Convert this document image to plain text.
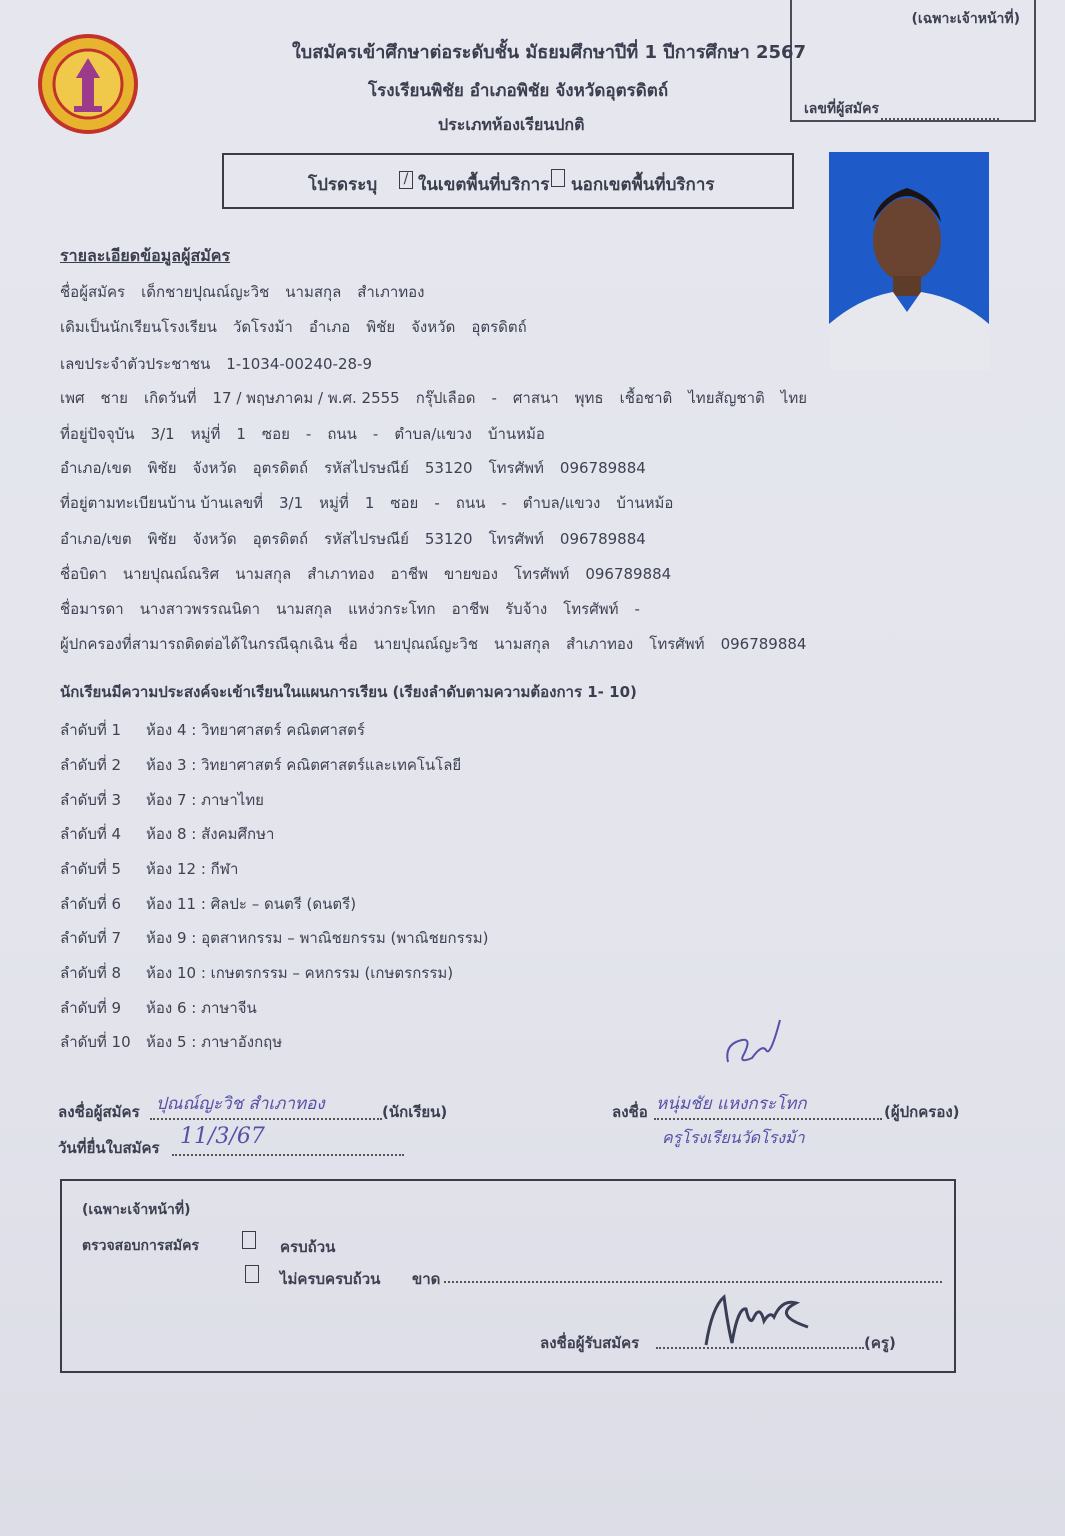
(เฉพาะเจ้าหน้าที่)
เลขที่ผู้สมัคร
ใบสมัครเข้าศึกษาต่อระดับชั้น มัธยมศึกษาปีที่ 1 ปีการศึกษา 2567
โรงเรียนพิชัย อำเภอพิชัย จังหวัดอุตรดิตถ์
ประเภทห้องเรียนปกติ
โปรดระบุ	/ ในเขตพื้นที่บริการ นอกเขตพื้นที่บริการ
รายละเอียดข้อมูลผู้สมัคร
ชื่อผู้สมัคร เด็กชายปุณณ์ญะวิช นามสกุล สำเภาทอง
เดิมเป็นนักเรียนโรงเรียน วัดโรงม้า อำเภอ พิชัย จังหวัด อุตรดิตถ์
เลขประจำตัวประชาชน 1-1034-00240-28-9
เพศ ชาย เกิดวันที่ 17 / พฤษภาคม / พ.ศ. 2555 กรุ๊ปเลือด - ศาสนา พุทธ เชื้อชาติ ไทยสัญชาติ ไทย
ที่อยู่ปัจจุบัน 3/1 หมู่ที่ 1 ซอย - ถนน - ตำบล/แขวง บ้านหม้อ
อำเภอ/เขต พิชัย จังหวัด อุตรดิตถ์ รหัสไปรษณีย์ 53120 โทรศัพท์ 096789884
ที่อยู่ตามทะเบียนบ้าน บ้านเลขที่ 3/1 หมู่ที่ 1 ซอย - ถนน - ตำบล/แขวง บ้านหม้อ
อำเภอ/เขต พิชัย จังหวัด อุตรดิตถ์ รหัสไปรษณีย์ 53120 โทรศัพท์ 096789884
ชื่อบิดา นายปุณณ์ณริศ นามสกุล สำเภาทอง อาชีพ ขายของ โทรศัพท์ 096789884
ชื่อมารดา นางสาวพรรณนิดา นามสกุล แหง่วกระโทก อาชีพ รับจ้าง โทรศัพท์ -
ผู้ปกครองที่สามารถติดต่อได้ในกรณีฉุกเฉิน ชื่อ นายปุณณ์ญะวิช นามสกุล สำเภาทอง โทรศัพท์ 096789884
นักเรียนมีความประสงค์จะเข้าเรียนในแผนการเรียน (เรียงลำดับตามความต้องการ 1- 10)
ลำดับที่ 1 ห้อง 4 : วิทยาศาสตร์ คณิตศาสตร์
ลำดับที่ 2 ห้อง 3 : วิทยาศาสตร์ คณิตศาสตร์และเทคโนโลยี
ลำดับที่ 3 ห้อง 7 : ภาษาไทย
ลำดับที่ 4 ห้อง 8 : สังคมศึกษา
ลำดับที่ 5 ห้อง 12 : กีฬา
ลำดับที่ 6 ห้อง 11 : ศิลปะ – ดนตรี (ดนตรี)
ลำดับที่ 7 ห้อง 9 : อุตสาหกรรม – พาณิชยกรรม (พาณิชยกรรม)
ลำดับที่ 8 ห้อง 10 : เกษตรกรรม – คหกรรม (เกษตรกรรม)
ลำดับที่ 9 ห้อง 6 : ภาษาจีน
ลำดับที่ 10 ห้อง 5 : ภาษาอังกฤษ
ลงชื่อผู้สมัคร ปุณณ์ญะวิช สำเภาทอง	(นักเรียน)
วันที่ยื่นใบสมัคร 11/3/67
ลงชื่อ หนุ่มชัย แหงกระโทก	(ผู้ปกครอง)
ครูโรงเรียนวัดโรงม้า
(เฉพาะเจ้าหน้าที่)
ตรวจสอบการสมัคร	ครบถ้วน
ไม่ครบครบถ้วน ขาด
ลงชื่อผู้รับสมัคร	(ครู)
